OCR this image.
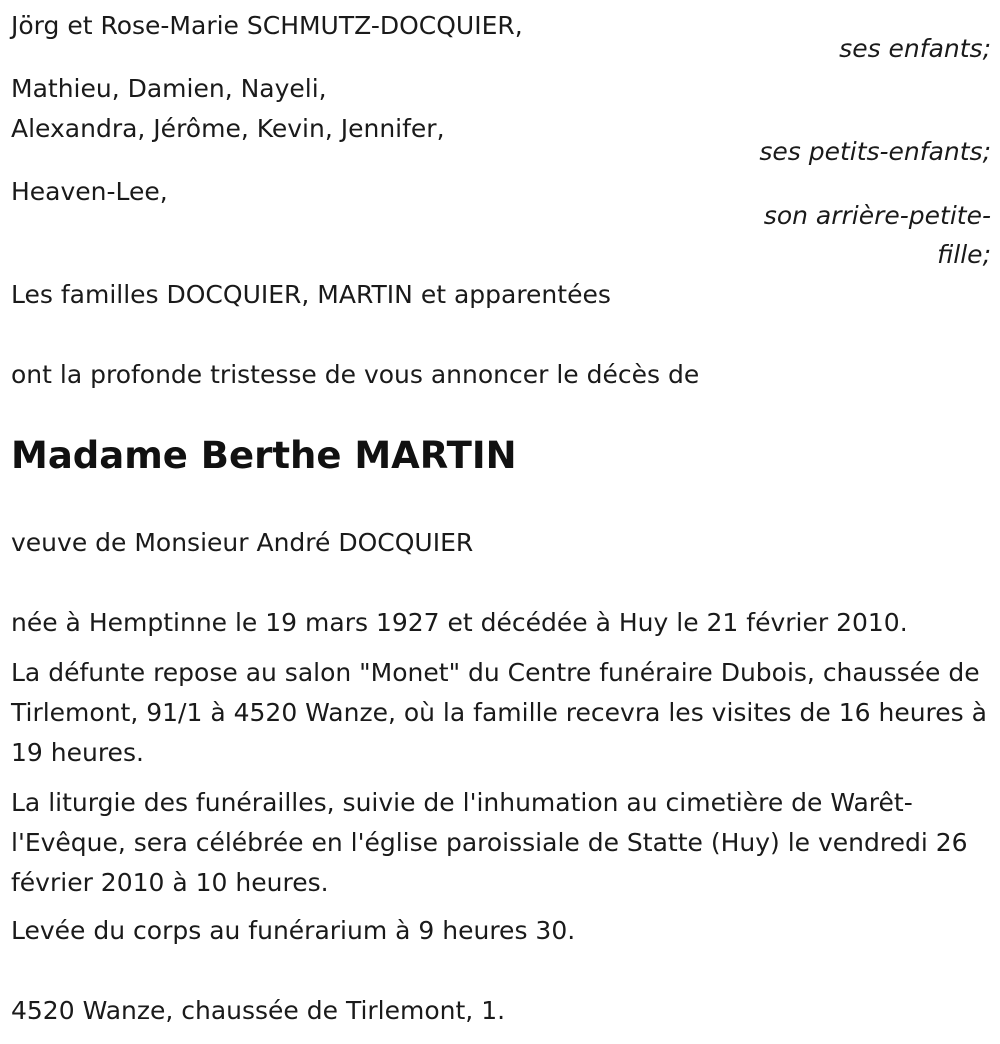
Jörg et Rose-Marie SCHMUTZ-DOCQUIER,
ses enfants;
Mathieu, Damien, Nayeli,
Alexandra, Jérôme, Kevin, Jennifer,
ses petits-enfants;
Heaven-Lee,
son arrière-petite-
fille;
Les familles DOCQUIER, MARTIN et apparentées
ont la profonde tristesse de vous annoncer le décès de
Madame Berthe MARTIN
veuve de Monsieur André DOCQUIER
née à Hemptinne le 19 mars 1927 et décédée à Huy le 21 février 2010.
La défunte repose au salon "Monet" du Centre funéraire Dubois, chaussée de Tirlemont, 91/1 à 4520 Wanze, où la famille recevra les visites de 16 heures à 19 heures.
La liturgie des funérailles, suivie de l'inhumation au cimetière de Warêt-l'Evêque, sera célébrée en l'église paroissiale de Statte (Huy) le vendredi 26 février 2010 à 10 heures.
Levée du corps au funérarium à 9 heures 30.
4520 Wanze, chaussée de Tirlemont, 1.
